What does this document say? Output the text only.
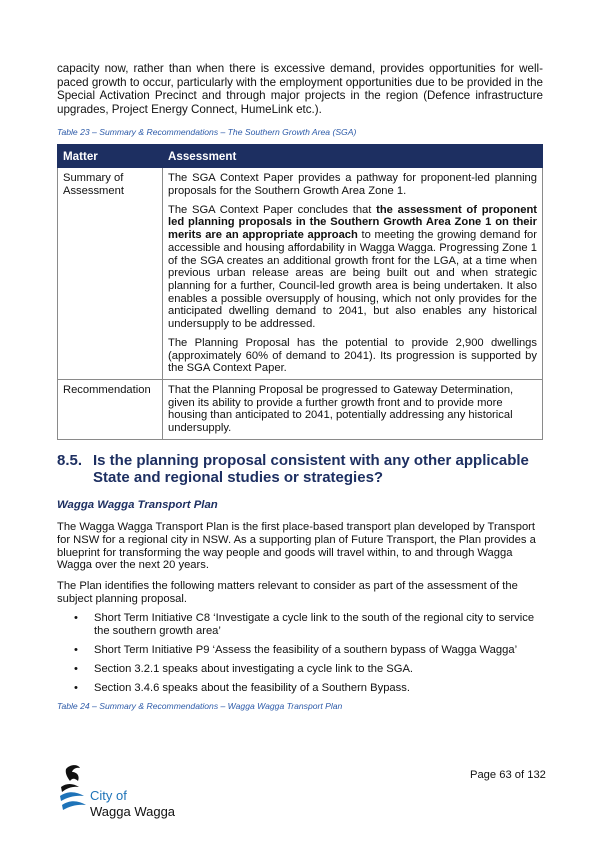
capacity now, rather than when there is excessive demand, provides opportunities for well-paced growth to occur, particularly with the employment opportunities due to be provided in the Special Activation Precinct and through major projects in the region (Defence infrastructure upgrades, Project Energy Connect, HumeLink etc.).

Table 23 – Summary & Recommendations – The Southern Growth Area (SGA)

Matter	Assessment
Summary of Assessment	The SGA Context Paper provides a pathway for proponent-led planning proposals for the Southern Growth Area Zone 1.

The SGA Context Paper concludes that the assessment of proponent led planning proposals in the Southern Growth Area Zone 1 on their merits are an appropriate approach to meeting the growing demand for accessible and housing affordability in Wagga Wagga. Progressing Zone 1 of the SGA creates an additional growth front for the LGA, at a time when previous urban release areas are being built out and when strategic planning for a further, Council-led growth area is being undertaken. It also enables a possible oversupply of housing, which not only provides for the anticipated dwelling demand to 2041, but also enables any historical undersupply to be addressed.

The Planning Proposal has the potential to provide 2,900 dwellings (approximately 60% of demand to 2041). Its progression is supported by the SGA Context Paper.

Recommendation	That the Planning Proposal be progressed to Gateway Determination, given its ability to provide a further growth front and to provide more housing than anticipated to 2041, potentially addressing any historical undersupply.

8.5. Is the planning proposal consistent with any other applicable State and regional studies or strategies?
Wagga Wagga Transport Plan

The Wagga Wagga Transport Plan is the first place-based transport plan developed by Transport for NSW for a regional city in NSW. As a supporting plan of Future Transport, the Plan provides a blueprint for transforming the way people and goods will travel within, to and through Wagga Wagga over the next 20 years.

The Plan identifies the following matters relevant to consider as part of the assessment of the subject planning proposal.

•	Short Term Initiative C8 ‘Investigate a cycle link to the south of the regional city to service the southern growth area’
•	Short Term Initiative P9 ‘Assess the feasibility of a southern bypass of Wagga Wagga’
•	Section 3.2.1 speaks about investigating a cycle link to the SGA.
•	Section 3.4.6 speaks about the feasibility of a Southern Bypass.

Table 24 – Summary & Recommendations – Wagga Wagga Transport Plan

City of
Wagga Wagga
Page 63 of 132
